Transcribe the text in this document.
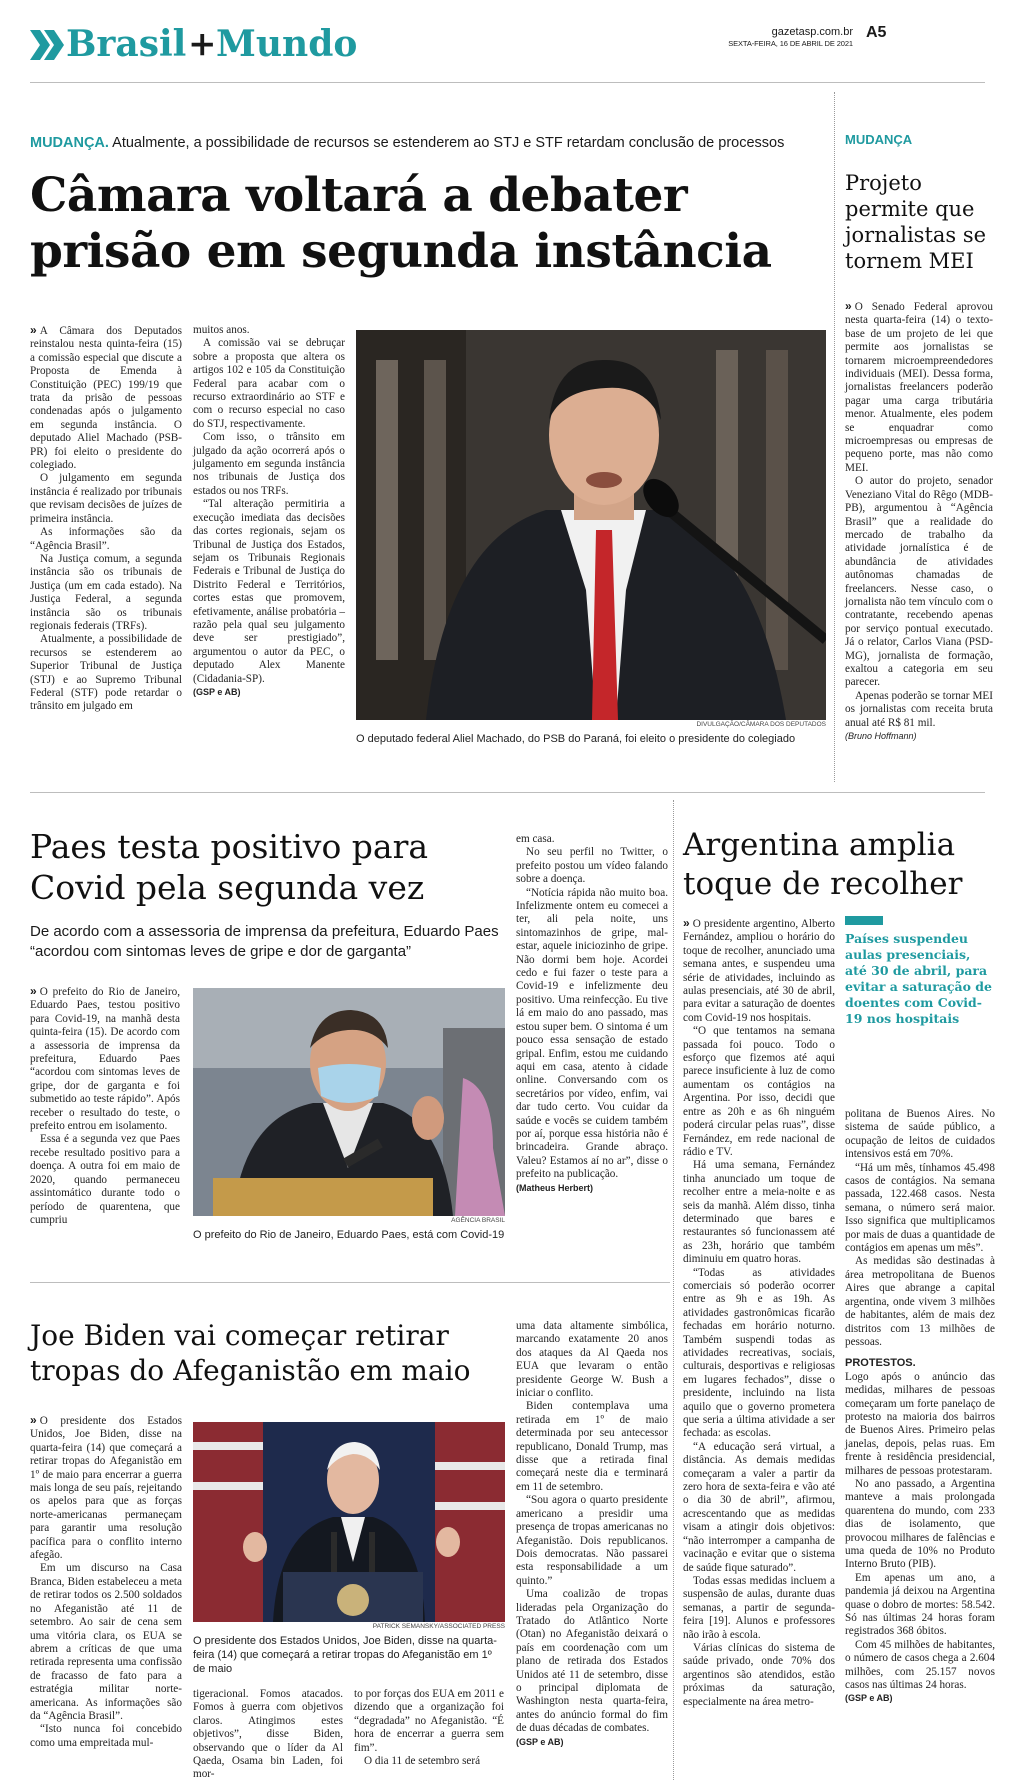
Brasil + Mundo	gazetasp.com.br
SEXTA-FEIRA, 16 DE ABRIL DE 2021
A5
MUDANÇA. Atualmente, a possibilidade de recursos se estenderem ao STJ e STF retardam conclusão de processos
Câmara voltará a debater
prisão em segunda instância

» A Câmara dos Deputados reinstalou nesta quinta-feira (15) a comissão especial que discute a Proposta de Emenda à Constituição (PEC) 199/19 que trata da prisão de pessoas condenadas após o julgamento em segunda instância. O deputado Aliel Machado (PSB-PR) foi eleito o presidente do colegiado.

O julgamento em segunda instância é realizado por tribunais que revisam decisões de juízes de primeira instância.

As informações são da “Agência Brasil”.

Na Justiça comum, a segunda instância são os tribunais de Justiça (um em cada estado). Na Justiça Federal, a segunda instância são os tribunais regionais federais (TRFs).

Atualmente, a possibilidade de recursos se estenderem ao Superior Tribunal de Justiça (STJ) e ao Supremo Tribunal Federal (STF) pode retardar o trânsito em julgado em

muitos anos.

A comissão vai se debruçar sobre a proposta que altera os artigos 102 e 105 da Constituição Federal para acabar com o recurso extraordinário ao STF e com o recurso especial no caso do STJ, respectivamente.

Com isso, o trânsito em julgado da ação ocorrerá após o julgamento em segunda instância nos tribunais de Justiça dos estados ou nos TRFs.

“Tal alteração permitiria a execução imediata das decisões das cortes regionais, sejam os Tribunal de Justiça dos Estados, sejam os Tribunais Regionais Federais e Tribunal de Justiça do Distrito Federal e Territórios, cortes estas que promovem, efetivamente, análise probatória – razão pela qual seu julgamento deve ser prestigiado”, argumentou o autor da PEC, o deputado Alex Manente (Cidadania-SP).

(GSP e AB)

DIVULGAÇÃO/CÂMARA DOS DEPUTADOS
O deputado federal Aliel Machado, do PSB do Paraná, foi eleito o presidente do colegiado
MUDANÇA
Projeto
permite que
jornalistas se
tornem MEI

» O Senado Federal aprovou nesta quarta-feira (14) o texto-base de um projeto de lei que permite aos jornalistas se tornarem microempreendedores individuais (MEI). Dessa forma, jornalistas freelancers poderão pagar uma carga tributária menor. Atualmente, eles podem se enquadrar como microempresas ou empresas de pequeno porte, mas não como MEI.

O autor do projeto, senador Veneziano Vital do Rêgo (MDB-PB), argumentou à “Agência Brasil” que a realidade do mercado de trabalho da atividade jornalística é de abundância de atividades autônomas chamadas de freelancers. Nesse caso, o jornalista não tem vínculo com o contratante, recebendo apenas por serviço pontual executado. Já o relator, Carlos Viana (PSD-MG), jornalista de formação, exaltou a categoria em seu parecer.

Apenas poderão se tornar MEI os jornalistas com receita bruta anual até R$ 81 mil.

(Bruno Hoffmann)

Paes testa positivo para
Covid pela segunda vez
De acordo com a assessoria de imprensa da prefeitura, Eduardo Paes “acordou com sintomas leves de gripe e dor de garganta”

» O prefeito do Rio de Janeiro, Eduardo Paes, testou positivo para Covid-19, na manhã desta quinta-feira (15). De acordo com a assessoria de imprensa da prefeitura, Eduardo Paes “acordou com sintomas leves de gripe, dor de garganta e foi submetido ao teste rápido”. Após receber o resultado do teste, o prefeito entrou em isolamento.

Essa é a segunda vez que Paes recebe resultado positivo para a doença. A outra foi em maio de 2020, quando permaneceu assintomático durante todo o período de quarentena, que cumpriu	AGÊNCIA BRASIL
O prefeito do Rio de Janeiro, Eduardo Paes, está com Covid-19

em casa.

No seu perfil no Twitter, o prefeito postou um vídeo falando sobre a doença.

“Notícia rápida não muito boa. Infelizmente ontem eu comecei a ter, ali pela noite, uns sintomazinhos de gripe, mal-estar, aquele iniciozinho de gripe. Não dormi bem hoje. Acordei cedo e fui fazer o teste para a Covid-19 e infelizmente deu positivo. Uma reinfecção. Eu tive lá em maio do ano passado, mas estou super bem. O sintoma é um pouco essa sensação de estado gripal. Enfim, estou me cuidando aqui em casa, atento à cidade online. Conversando com os secretários por vídeo, enfim, vai dar tudo certo. Vou cuidar da saúde e vocês se cuidem também por aí, porque essa história não é brincadeira. Grande abraço. Valeu? Estamos aí no ar”, disse o prefeito na publicação.

(Matheus Herbert)

Joe Biden vai começar retirar
tropas do Afeganistão em maio

» O presidente dos Estados Unidos, Joe Biden, disse na quarta-feira (14) que começará a retirar tropas do Afeganistão em 1º de maio para encerrar a guerra mais longa de seu país, rejeitando os apelos para que as forças norte-americanas permaneçam para garantir uma resolução pacífica para o conflito interno afegão.

Em um discurso na Casa Branca, Biden estabeleceu a meta de retirar todos os 2.500 soldados no Afeganistão até 11 de setembro. Ao sair de cena sem uma vitória clara, os EUA se abrem a críticas de que uma retirada representa uma confissão de fracasso de fato para a estratégia militar norte-americana. As informações são da “Agência Brasil”.

“Isto nunca foi concebido como uma empreitada mul-

PATRICK SEMANSKY/ASSOCIATED PRESS
O presidente dos Estados Unidos, Joe Biden, disse na quarta-feira (14) que começará a retirar tropas do Afeganistão em 1º de maio

tigeracional. Fomos atacados. Fomos à guerra com objetivos claros. Atingimos estes objetivos”, disse Biden, observando que o líder da Al Qaeda, Osama bin Laden, foi mor-

to por forças dos EUA em 2011 e dizendo que a organização foi “degradada” no Afeganistão. “É hora de encerrar a guerra sem fim”.

O dia 11 de setembro será

uma data altamente simbólica, marcando exatamente 20 anos dos ataques da Al Qaeda nos EUA que levaram o então presidente George W. Bush a iniciar o conflito.

Biden contemplava uma retirada em 1º de maio determinada por seu antecessor republicano, Donald Trump, mas disse que a retirada final começará neste dia e terminará em 11 de setembro.

“Sou agora o quarto presidente americano a presidir uma presença de tropas americanas no Afeganistão. Dois republicanos. Dois democratas. Não passarei esta responsabilidade a um quinto.”

Uma coalizão de tropas lideradas pela Organização do Tratado do Atlântico Norte (Otan) no Afeganistão deixará o país em coordenação com um plano de retirada dos Estados Unidos até 11 de setembro, disse o principal diplomata de Washington nesta quarta-feira, antes do anúncio formal do fim de duas décadas de combates.

(GSP e AB)

Argentina amplia
toque de recolher

» O presidente argentino, Alberto Fernández, ampliou o horário do toque de recolher, anunciado uma semana antes, e suspendeu uma série de atividades, incluindo as aulas presenciais, até 30 de abril, para evitar a saturação de doentes com Covid-19 nos hospitais.

“O que tentamos na semana passada foi pouco. Todo o esforço que fizemos até aqui parece insuficiente à luz de como aumentam os contágios na Argentina. Por isso, decidi que entre as 20h e as 6h ninguém poderá circular pelas ruas”, disse Fernández, em rede nacional de rádio e TV.

Há uma semana, Fernández tinha anunciado um toque de recolher entre a meia-noite e as seis da manhã. Além disso, tinha determinado que bares e restaurantes só funcionassem até as 23h, horário que também diminuiu em quatro horas.

“Todas as atividades comerciais só poderão ocorrer entre as 9h e as 19h. As atividades gastronômicas ficarão fechadas em horário noturno. Também suspendi todas as atividades recreativas, sociais, culturais, desportivas e religiosas em lugares fechados”, disse o presidente, incluindo na lista aquilo que o governo prometera que seria a última atividade a ser fechada: as escolas.

“A educação será virtual, a distância. As demais medidas começaram a valer a partir da zero hora de sexta-feira e vão até o dia 30 de abril”, afirmou, acrescentando que as medidas visam a atingir dois objetivos: “não interromper a campanha de vacinação e evitar que o sistema de saúde fique saturado”.

Todas essas medidas incluem a suspensão de aulas, durante duas semanas, a partir de segunda-feira [19]. Alunos e professores não irão à escola.

Várias clínicas do sistema de saúde privado, onde 70% dos argentinos são atendidos, estão próximas da saturação, especialmente na área metro-

Países suspendeu aulas presenciais, até 30 de abril, para evitar a saturação de doentes com Covid-19 nos hospitais

politana de Buenos Aires. No sistema de saúde público, a ocupação de leitos de cuidados intensivos está em 70%.

“Há um mês, tínhamos 45.498 casos de contágios. Na semana passada, 122.468 casos. Nesta semana, o número será maior. Isso significa que multiplicamos por mais de duas a quantidade de contágios em apenas um mês”.

As medidas são destinadas à área metropolitana de Buenos Aires que abrange a capital argentina, onde vivem 3 milhões de habitantes, além de mais dez distritos com 13 milhões de pessoas.

PROTESTOS.

Logo após o anúncio das medidas, milhares de pessoas começaram um forte panelaço de protesto na maioria dos bairros de Buenos Aires. Primeiro pelas janelas, depois, pelas ruas. Em frente à residência presidencial, milhares de pessoas protestaram.

No ano passado, a Argentina manteve a mais prolongada quarentena do mundo, com 233 dias de isolamento, que provocou milhares de falências e uma queda de 10% no Produto Interno Bruto (PIB).

Em apenas um ano, a pandemia já deixou na Argentina quase o dobro de mortes: 58.542. Só nas últimas 24 horas foram registrados 368 óbitos.

Com 45 milhões de habitantes, o número de casos chega a 2.604 milhões, com 25.157 novos casos nas últimas 24 horas.

(GSP e AB)
